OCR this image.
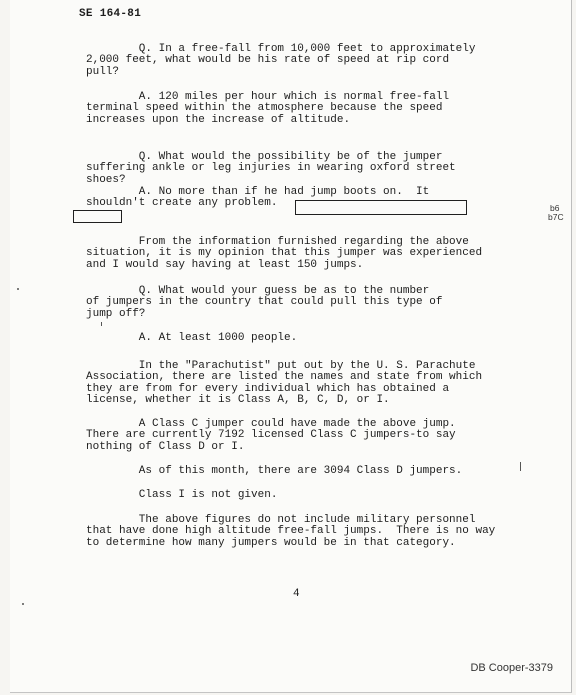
SE 164-81
Q. In a free-fall from 10,000 feet to approximately
2,000 feet, what would be his rate of speed at rip cord
pull?
A. 120 miles per hour which is normal free-fall
terminal speed within the atmosphere because the speed
increases upon the increase of altitude.
Q. What would the possibility be of the jumper
suffering ankle or leg injuries in wearing oxford street
shoes?
A. No more than if he had jump boots on.  It
shouldn't create any problem.	b6
b7C
From the information furnished regarding the above
situation, it is my opinion that this jumper was experienced
and I would say having at least 150 jumps.
Q. What would your guess be as to the number
of jumpers in the country that could pull this type of
jump off?
A. At least 1000 people.
In the "Parachutist" put out by the U. S. Parachute
Association, there are listed the names and state from which
they are from for every individual which has obtained a
license, whether it is Class A, B, C, D, or I.
A Class C jumper could have made the above jump.
There are currently 7192 licensed Class C jumpers-to say
nothing of Class D or I.
As of this month, there are 3094 Class D jumpers.
Class I is not given.
The above figures do not include military personnel
that have done high altitude free-fall jumps.  There is no way
to determine how many jumpers would be in that category.
4
DB Cooper-3379
